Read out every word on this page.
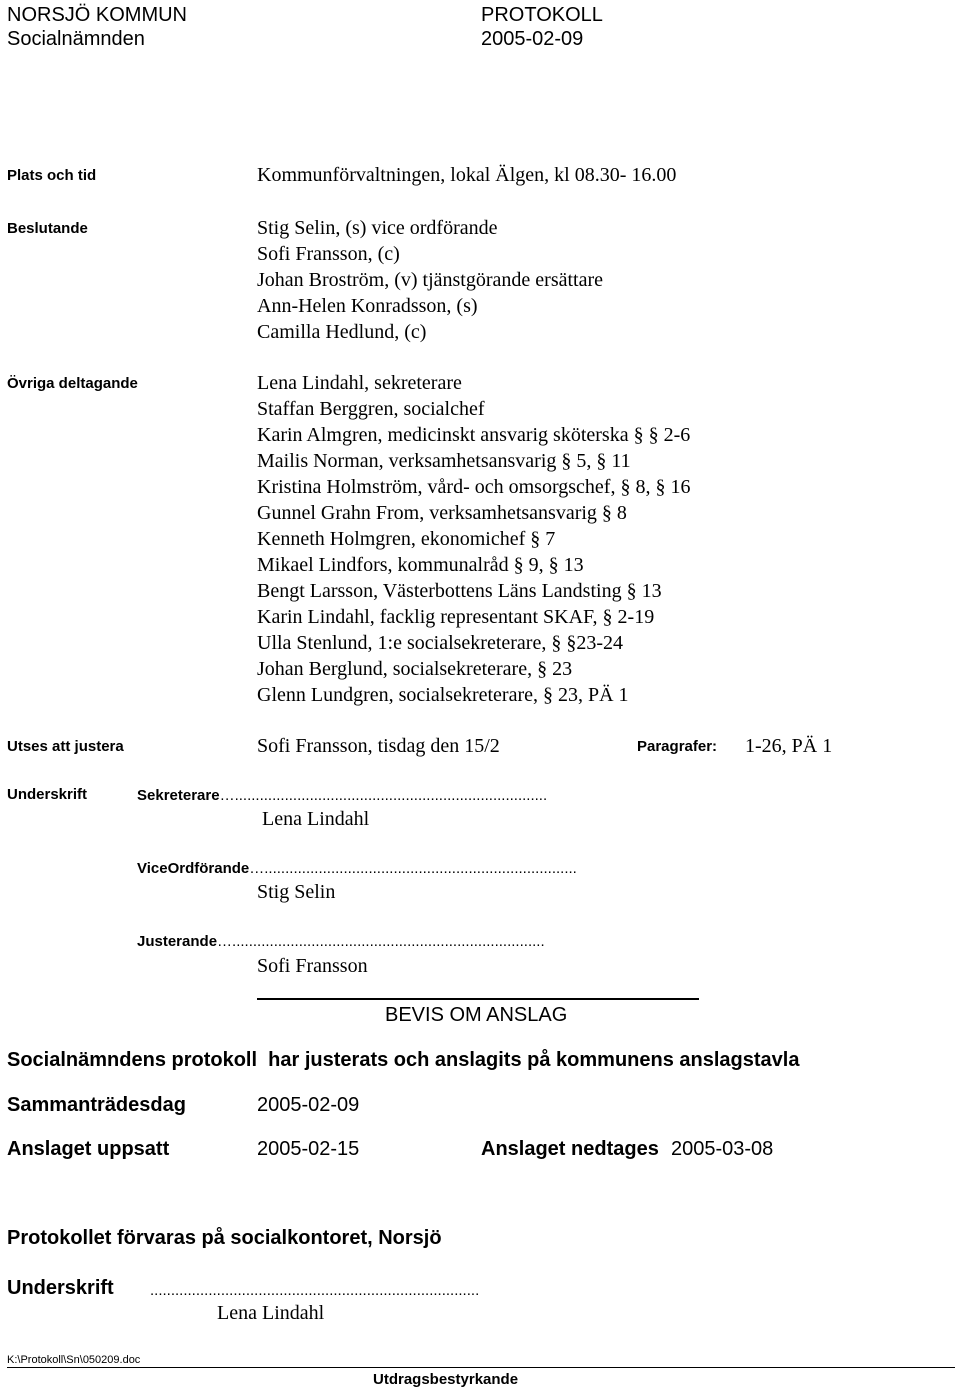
NORSJÖ KOMMUN
Socialnämnden
PROTOKOLL
2005-02-09
Plats och tid	Kommunförvaltningen, lokal Älgen, kl 08.30- 16.00
Beslutande	Stig Selin, (s) vice ordförande
Sofi Fransson, (c)
Johan Broström, (v) tjänstgörande ersättare
Ann-Helen Konradsson, (s)
Camilla Hedlund, (c)
Övriga deltagande	Lena Lindahl, sekreterare
Staffan Berggren, socialchef
Karin Almgren, medicinskt ansvarig sköterska § § 2-6
Mailis Norman, verksamhetsansvarig § 5, § 11
Kristina Holmström, vård- och omsorgschef, § 8, § 16
Gunnel Grahn From, verksamhetsansvarig § 8
Kenneth Holmgren, ekonomichef § 7
Mikael Lindfors, kommunalråd § 9, § 13
Bengt Larsson, Västerbottens Läns Landsting § 13
Karin Lindahl, facklig representant SKAF, § 2-19
Ulla Stenlund, 1:e socialsekreterare, § §23-24
Johan Berglund, socialsekreterare, § 23
Glenn Lundgren, socialsekreterare, § 23, PÄ 1
Utses att justera	Sofi Fransson, tisdag den 15/2	Paragrafer: 1-26, PÄ 1
Underskrift	Sekreterare…...........................................................................
Lena Lindahl
ViceOrdförande…...........................................................................
Stig Selin
Justerande…...........................................................................
Sofi Fransson
BEVIS OM ANSLAG
Socialnämndens protokoll har justerats och anslagits på kommunens anslagstavla
Sammanträdesdag	2005-02-09
Anslaget uppsatt	2005-02-15	Anslaget nedtages 2005-03-08
Protokollet förvaras på socialkontoret, Norsjö
Underskrift ...............................................................................
Lena Lindahl
K:\Protokoll\Sn\050209.doc
Utdragsbestyrkande
